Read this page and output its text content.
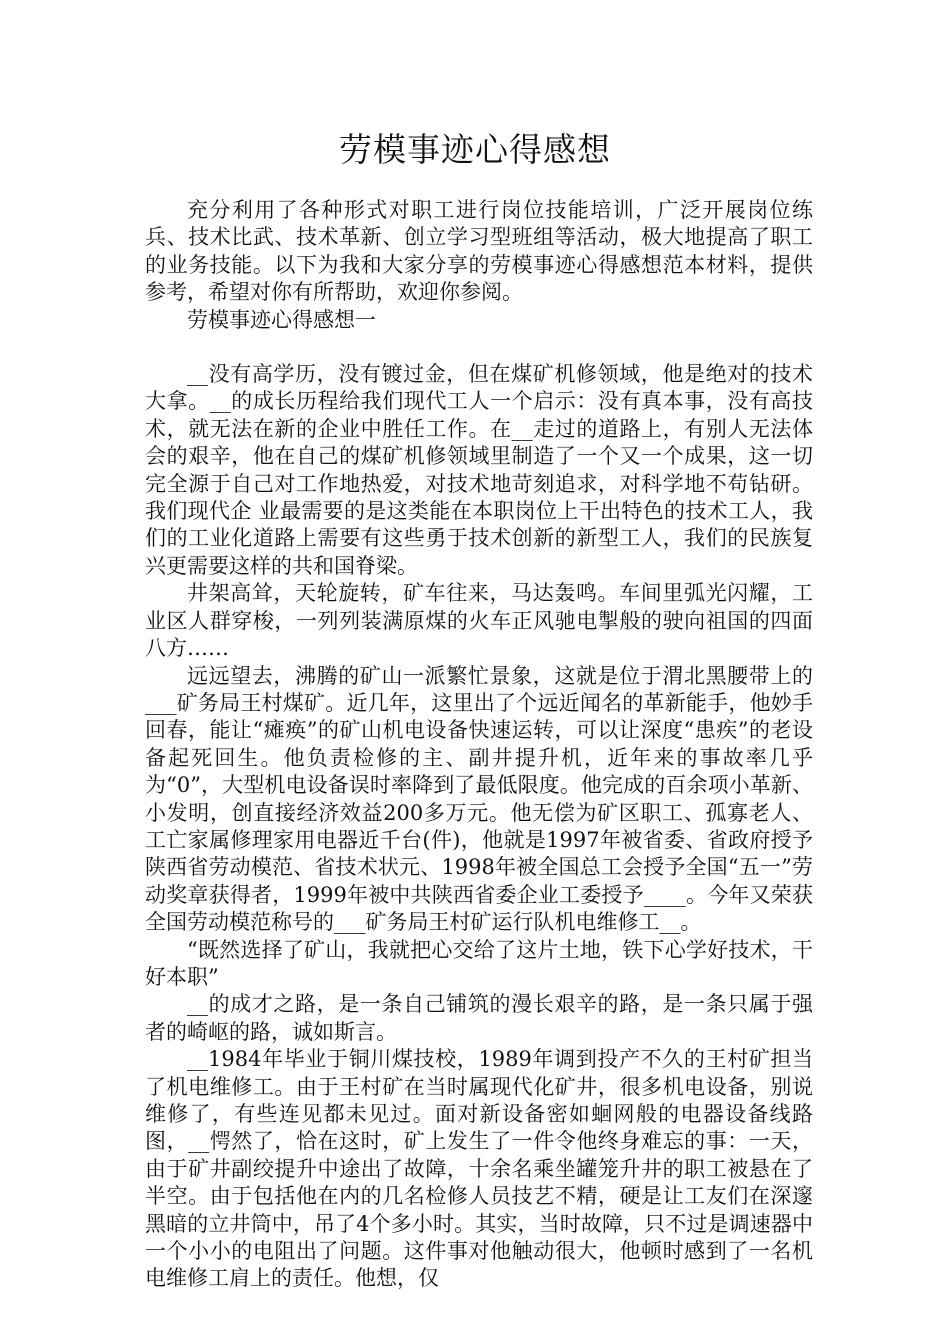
劳模事迹心得感想

充分利用了各种形式对职工进行岗位技能培训，广泛开展岗位练兵、技术比武、技术革新、创立学习型班组等活动，极大地提高了职工的业务技能。以下为我和大家分享的劳模事迹心得感想范本材料，提供参考，希望对你有所帮助，欢迎你参阅。

劳模事迹心得感想一

__没有高学历，没有镀过金，但在煤矿机修领域，他是绝对的技术大拿。__的成长历程给我们现代工人一个启示：没有真本事，没有高技术，就无法在新的企业中胜任工作。在__走过的道路上，有别人无法体会的艰辛，他在自己的煤矿机修领域里制造了一个又一个成果，这一切完全源于自己对工作地热爱，对技术地苛刻追求，对科学地不苟钻研。我们现代企 业最需要的是这类能在本职岗位上干出特色的技术工人，我们的工业化道路上需要有这些勇于技术创新的新型工人，我们的民族复兴更需要这样的共和国脊梁。

井架高耸，天轮旋转，矿车往来，马达轰鸣。车间里弧光闪耀，工业区人群穿梭，一列列装满原煤的火车正风驰电掣般的驶向祖国的四面八方……

远远望去，沸腾的矿山一派繁忙景象，这就是位于渭北黑腰带上的___矿务局王村煤矿。近几年，这里出了个远近闻名的革新能手，他妙手回春，能让“瘫痪”的矿山机电设备快速运转，可以让深度“患疾”的老设备起死回生。他负责检修的主、副井提升机，近年来的事故率几乎为“0”，大型机电设备误时率降到了最低限度。他完成的百余项小革新、小发明，创直接经济效益200多万元。他无偿为矿区职工、孤寡老人、工亡家属修理家用电器近千台(件)，他就是1997年被省委、省政府授予陕西省劳动模范、省技术状元、1998年被全国总工会授予全国“五一”劳动奖章获得者，1999年被中共陕西省委企业工委授予____。今年又荣获全国劳动模范称号的___矿务局王村矿运行队机电维修工__。

“既然选择了矿山，我就把心交给了这片土地，铁下心学好技术，干好本职”

__的成才之路，是一条自己铺筑的漫长艰辛的路，是一条只属于强者的崎岖的路，诚如斯言。

__1984年毕业于铜川煤技校，1989年调到投产不久的王村矿担当了机电维修工。由于王村矿在当时属现代化矿井，很多机电设备，别说维修了，有些连见都未见过。面对新设备密如蛔网般的电器设备线路图，__愕然了，恰在这时，矿上发生了一件令他终身难忘的事：一天，由于矿井副绞提升中途出了故障，十余名乘坐罐笼升井的职工被悬在了半空。由于包括他在内的几名检修人员技艺不精，硬是让工友们在深邃黑暗的立井筒中，吊了4个多小时。其实，当时故障，只不过是调速器中一个小小的电阻出了问题。这件事对他触动很大，他顿时感到了一名机电维修工肩上的责任。他想，仅
